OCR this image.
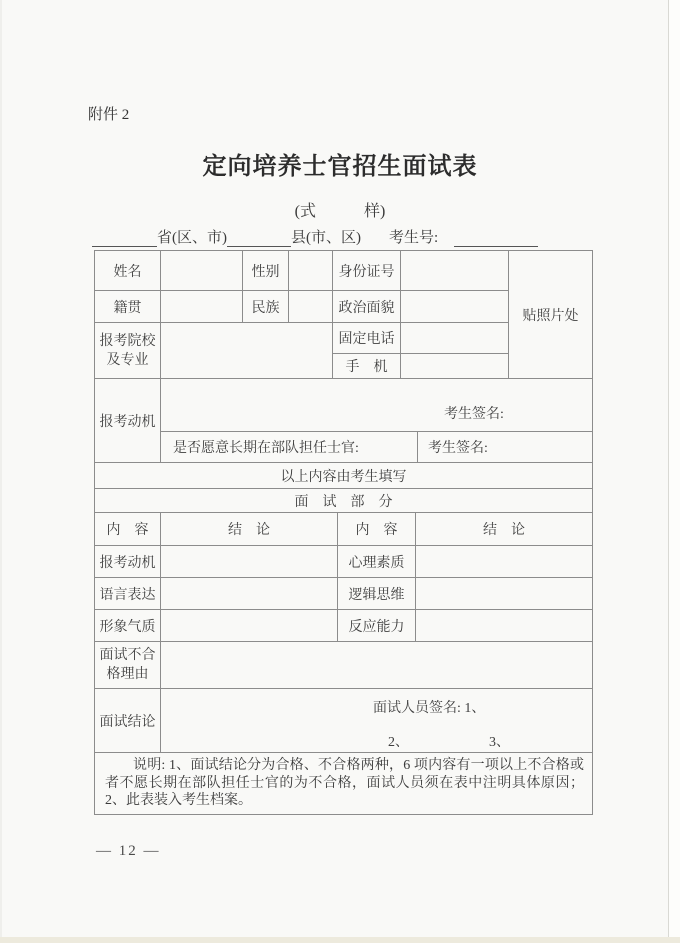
附件 2
定向培养士官招生面试表
(式　　　样)
省(区、市)	县(市、区) 考生号:
姓名		性别		身份证号		贴照片处
籍贯		民族		政治面貌		
报考院校及专业				固定电话		
				手　机		
报考动机	考生签名:	

	是否愿意长期在部队担任士官:	考生签名:
以上内容由考生填写
面　试　部　分
内　容	结　论	内　容	结　论
报考动机		心理素质	
语言表达		逻辑思维	
形象气质		反应能力	
面试不合格理由	
面试结论	面试人员签名: 1、
2、 3、

说明: 1、面试结论分为合格、不合格两种，6 项内容有一项以上不合格或者不愿长期在部队担任士官的为不合格，面试人员须在表中注明具体原因；2、此表装入考生档案。

— 12 —
